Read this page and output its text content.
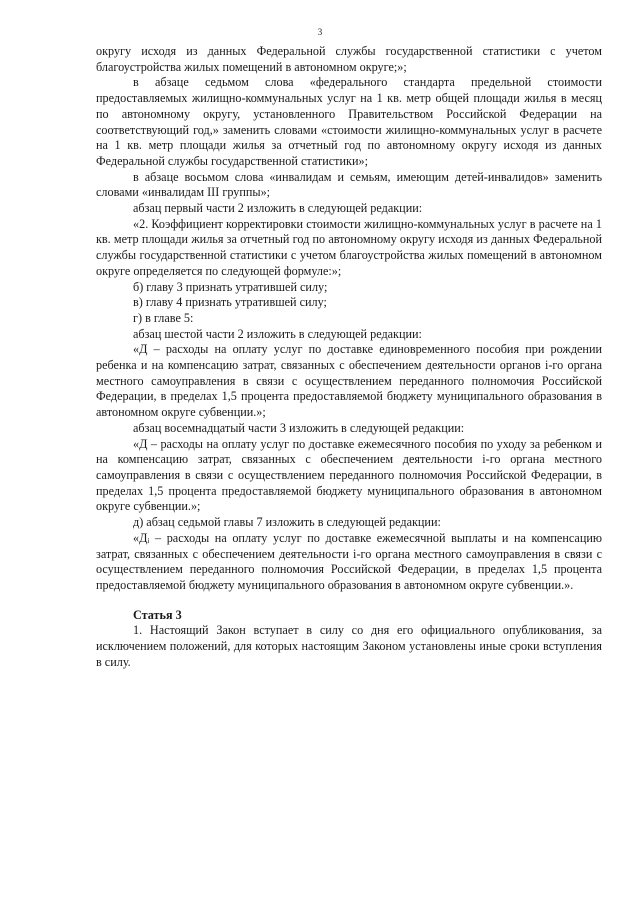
3

округу исходя из данных Федеральной службы государственной статистики с учетом благоустройства жилых помещений в автономном округе;»;

в абзаце седьмом слова «федерального стандарта предельной стоимости предоставляемых жилищно-коммунальных услуг на 1 кв. метр общей площади жилья в месяц по автономному округу, установленного Правительством Российской Федерации на соответствующий год,» заменить словами «стоимости жилищно-коммунальных услуг в расчете на 1 кв. метр площади жилья за отчетный год по автономному округу исходя из данных Федеральной службы государственной статистики»;

в абзаце восьмом слова «инвалидам и семьям, имеющим детей-инвалидов» заменить словами «инвалидам III группы»;

абзац первый части 2 изложить в следующей редакции:

«2. Коэффициент корректировки стоимости жилищно-коммунальных услуг в расчете на 1 кв. метр площади жилья за отчетный год по автономному округу исходя из данных Федеральной службы государственной статистики с учетом благоустройства жилых помещений в автономном округе определяется по следующей формуле:»;

б) главу 3 признать утратившей силу;

в) главу 4 признать утратившей силу;

г) в главе 5:

абзац шестой части 2 изложить в следующей редакции:

«Д – расходы на оплату услуг по доставке единовременного пособия при рождении ребенка и на компенсацию затрат, связанных с обеспечением деятельности органов i-го органа местного самоуправления в связи с осуществлением переданного полномочия Российской Федерации, в пределах 1,5 процента предоставляемой бюджету муниципального образования в автономном округе субвенции.»;

абзац восемнадцатый части 3 изложить в следующей редакции:

«Д – расходы на оплату услуг по доставке ежемесячного пособия по уходу за ребенком и на компенсацию затрат, связанных с обеспечением деятельности i-го органа местного самоуправления в связи с осуществлением переданного полномочия Российской Федерации, в пределах 1,5 процента предоставляемой бюджету муниципального образования в автономном округе субвенции.»;

д) абзац седьмой главы 7 изложить в следующей редакции:

«Дᵢ – расходы на оплату услуг по доставке ежемесячной выплаты и на компенсацию затрат, связанных с обеспечением деятельности i-го органа местного самоуправления в связи с осуществлением переданного полномочия Российской Федерации, в пределах 1,5 процента предоставляемой бюджету муниципального образования в автономном округе субвенции.».

Статья 3

1. Настоящий Закон вступает в силу со дня его официального опубликования, за исключением положений, для которых настоящим Законом установлены иные сроки вступления в силу.
